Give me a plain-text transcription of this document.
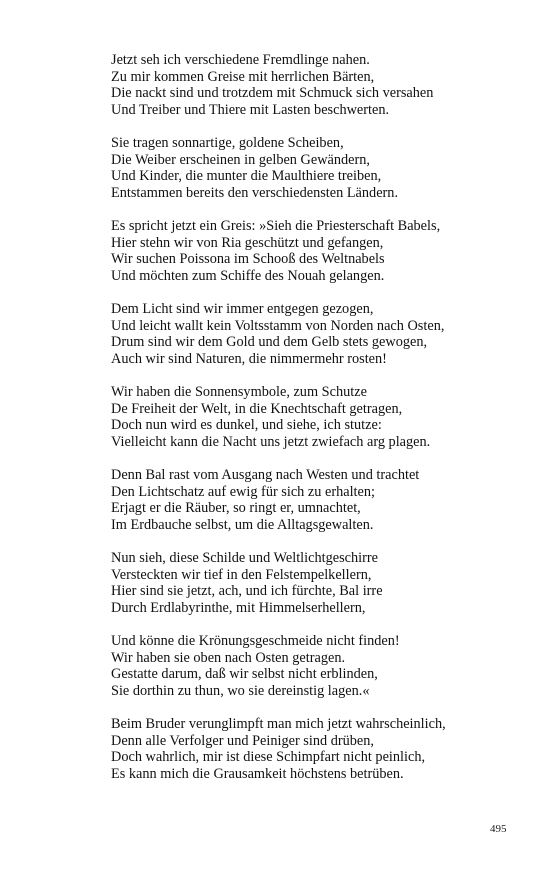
Jetzt seh ich verschiedene Fremdlinge nahen.
Zu mir kommen Greise mit herrlichen Bärten,
Die nackt sind und trotzdem mit Schmuck sich versahen
Und Treiber und Thiere mit Lasten beschwerten.
Sie tragen sonnartige, goldene Scheiben,
Die Weiber erscheinen in gelben Gewändern,
Und Kinder, die munter die Maulthiere treiben,
Entstammen bereits den verschiedensten Ländern.
Es spricht jetzt ein Greis: »Sieh die Priesterschaft Babels,
Hier stehn wir von Ria geschützt und gefangen,
Wir suchen Poissona im Schooß des Weltnabels
Und möchten zum Schiffe des Nouah gelangen.
Dem Licht sind wir immer entgegen gezogen,
Und leicht wallt kein Voltsstamm von Norden nach Osten,
Drum sind wir dem Gold und dem Gelb stets gewogen,
Auch wir sind Naturen, die nimmermehr rosten!
Wir haben die Sonnensymbole, zum Schutze
De Freiheit der Welt, in die Knechtschaft getragen,
Doch nun wird es dunkel, und siehe, ich stutze:
Vielleicht kann die Nacht uns jetzt zwiefach arg plagen.
Denn Bal rast vom Ausgang nach Westen und trachtet
Den Lichtschatz auf ewig für sich zu erhalten;
Erjagt er die Räuber, so ringt er, umnachtet,
Im Erdbauche selbst, um die Alltagsgewalten.
Nun sieh, diese Schilde und Weltlichtgeschirre
Versteckten wir tief in den Felstempelkellern,
Hier sind sie jetzt, ach, und ich fürchte, Bal irre
Durch Erdlabyrinthe, mit Himmelserhellern,
Und könne die Krönungsgeschmeide nicht finden!
Wir haben sie oben nach Osten getragen.
Gestatte darum, daß wir selbst nicht erblinden,
Sie dorthin zu thun, wo sie dereinstig lagen.«
Beim Bruder verunglimpft man mich jetzt wahrscheinlich,
Denn alle Verfolger und Peiniger sind drüben,
Doch wahrlich, mir ist diese Schimpfart nicht peinlich,
Es kann mich die Grausamkeit höchstens betrüben.
495
